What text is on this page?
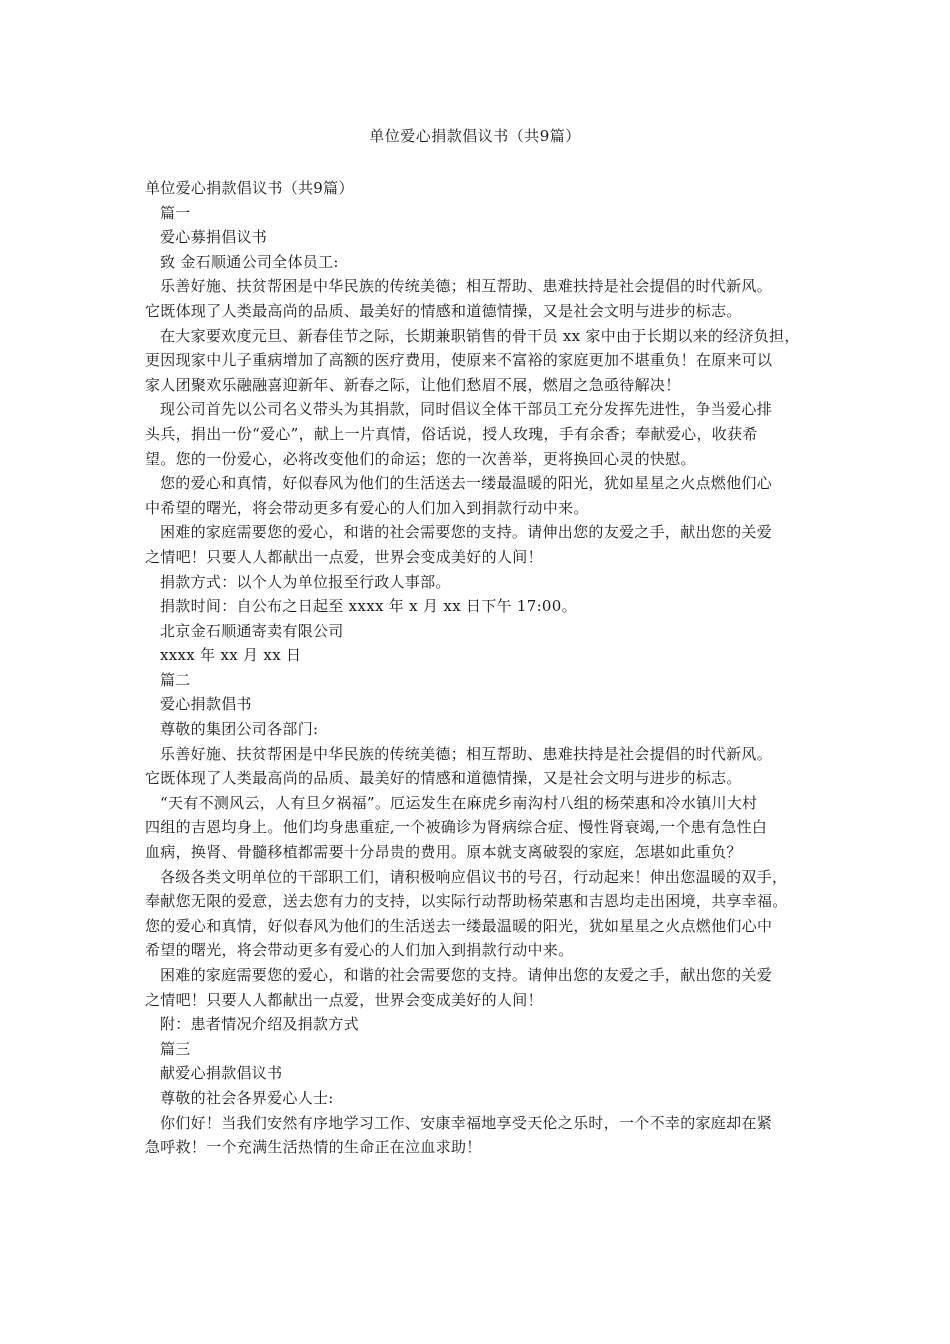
单位爱心捐款倡议书（共9篇）

单位爱心捐款倡议书（共9篇）

篇一

爱心募捐倡议书

致 金石顺通公司全体员工:

乐善好施、扶贫帮困是中华民族的传统美德；相互帮助、患难扶持是社会提倡的时代新风。

它既体现了人类最高尚的品质、最美好的情感和道德情操，又是社会文明与进步的标志。

在大家要欢度元旦、新春佳节之际，长期兼职销售的骨干员 xx 家中由于长期以来的经济负担，

更因现家中儿子重病增加了高额的医疗费用，使原来不富裕的家庭更加不堪重负！在原来可以

家人团聚欢乐融融喜迎新年、新春之际，让他们愁眉不展，燃眉之急亟待解决！

现公司首先以公司名义带头为其捐款，同时倡议全体干部员工充分发挥先进性，争当爱心排

头兵，捐出一份“爱心”，献上一片真情，俗话说，授人玫瑰，手有余香；奉献爱心，收获希

望。您的一份爱心，必将改变他们的命运；您的一次善举，更将换回心灵的快慰。

您的爱心和真情，好似春风为他们的生活送去一缕最温暖的阳光，犹如星星之火点燃他们心

中希望的曙光，将会带动更多有爱心的人们加入到捐款行动中来。

困难的家庭需要您的爱心，和谐的社会需要您的支持。请伸出您的友爱之手，献出您的关爱

之情吧！只要人人都献出一点爱，世界会变成美好的人间！

捐款方式：以个人为单位报至行政人事部。

捐款时间：自公布之日起至 xxxx 年 x 月 xx 日下午 17:00。

北京金石顺通寄卖有限公司

xxxx 年 xx 月 xx 日

篇二

爱心捐款倡书

尊敬的集团公司各部门:

乐善好施、扶贫帮困是中华民族的传统美德；相互帮助、患难扶持是社会提倡的时代新风。

它既体现了人类最高尚的品质、最美好的情感和道德情操，又是社会文明与进步的标志。

“天有不测风云，人有旦夕祸福”。厄运发生在麻虎乡南沟村八组的杨荣惠和冷水镇川大村

四组的吉恩均身上。他们均身患重症,一个被确诊为肾病综合症、慢性肾衰竭,一个患有急性白

血病，换肾、骨髓移植都需要十分昂贵的费用。原本就支离破裂的家庭，怎堪如此重负？

各级各类文明单位的干部职工们，请积极响应倡议书的号召，行动起来！伸出您温暖的双手，

奉献您无限的爱意，送去您有力的支持，以实际行动帮助杨荣惠和吉恩均走出困境，共享幸福。

您的爱心和真情，好似春风为他们的生活送去一缕最温暖的阳光，犹如星星之火点燃他们心中

希望的曙光，将会带动更多有爱心的人们加入到捐款行动中来。

困难的家庭需要您的爱心，和谐的社会需要您的支持。请伸出您的友爱之手，献出您的关爱

之情吧！只要人人都献出一点爱，世界会变成美好的人间！

附：患者情况介绍及捐款方式

篇三

献爱心捐款倡议书

尊敬的社会各界爱心人士:

你们好！当我们安然有序地学习工作、安康幸福地享受天伦之乐时，一个不幸的家庭却在紧

急呼救！一个充满生活热情的生命正在泣血求助！
